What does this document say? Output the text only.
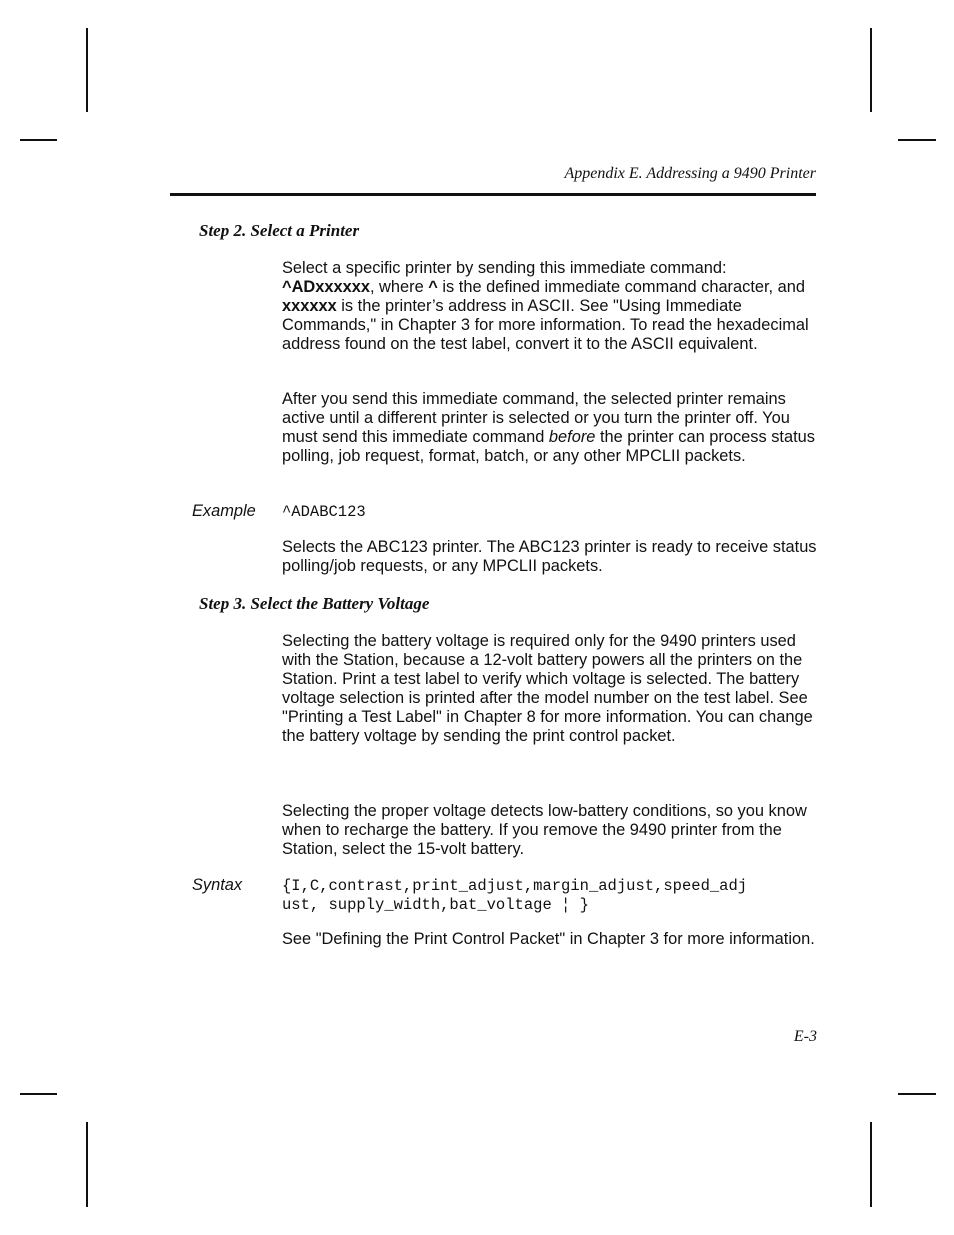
Appendix E. Addressing a 9490 Printer
Step 2. Select a Printer

Select a specific printer by sending this immediate command: ^ADxxxxxx, where ^ is the defined immediate command character, and xxxxxx is the printer’s address in ASCII. See "Using Immediate Commands," in Chapter 3 for more information. To read the hexadecimal address found on the test label, convert it to the ASCII equivalent.

After you send this immediate command, the selected printer remains active until a different printer is selected or you turn the printer off. You must send this immediate command before the printer can process status polling, job request, format, batch, or any other MPCLII packets.

Example ^ADABC123

Selects the ABC123 printer. The ABC123 printer is ready to receive status polling/job requests, or any MPCLII packets.

Step 3. Select the Battery Voltage

Selecting the battery voltage is required only for the 9490 printers used with the Station, because a 12-volt battery powers all the printers on the Station. Print a test label to verify which voltage is selected. The battery voltage selection is printed after the model number on the test label. See "Printing a Test Label" in Chapter 8 for more information. You can change the battery voltage by sending the print control packet.

Selecting the proper voltage detects low-battery conditions, so you know when to recharge the battery. If you remove the 9490 printer from the Station, select the 15-volt battery.

Syntax	{I,C,contrast,print_adjust,margin_adjust,speed_adj
ust, supply_width,bat_voltage ¦ }

See "Defining the Print Control Packet" in Chapter 3 for more information.

E-3
